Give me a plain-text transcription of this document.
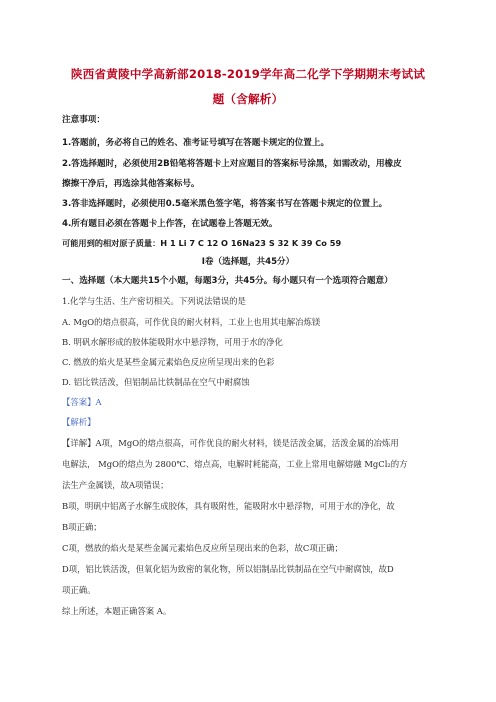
陕西省黄陵中学高新部2018-2019学年高二化学下学期期末考试试
题（含解析）
注意事项：
1.答题前，务必将自己的姓名、准考证号填写在答题卡规定的位置上。
2.答选择题时，必须使用2B铅笔将答题卡上对应题目的答案标号涂黑，如需改动，用橡皮
擦擦干净后，再选涂其他答案标号。
3.答非选择题时，必须使用0.5毫米黑色签字笔，将答案书写在答题卡规定的位置上。
4.所有题目必须在答题卡上作答，在试题卷上答题无效。
可能用到的相对原子质量：H 1 Li 7 C 12 O 16Na23 S 32 K 39 Co 59
Ⅰ卷（选择题，共45分）
一、选择题（本大题共15个小题，每题3分，共45分。每小题只有一个选项符合题意）
1.化学与生活、生产密切相关。下列说法错误的是
A. MgO的熔点很高，可作优良的耐火材料，工业上也用其电解冶炼镁
B. 明矾水解形成的胶体能吸附水中悬浮物，可用于水的净化
C. 燃放的焰火是某些金属元素焰色反应所呈现出来的色彩
D. 铝比铁活泼，但铝制品比铁制品在空气中耐腐蚀
【答案】A
【解析】
【详解】A项，MgO的熔点很高，可作优良的耐火材料，镁是活泼金属，活泼金属的冶炼用
电解法， MgO的熔点为 2800℃、熔点高，电解时耗能高，工业上常用电解熔融 MgCl₂的方
法生产金属镁，故A项错误；
B项，明矾中铝离子水解生成胶体，具有吸附性，能吸附水中悬浮物，可用于水的净化，故
B项正确；
C项，燃放的焰火是某些金属元素焰色反应所呈现出来的色彩，故C项正确；
D项，铝比铁活泼，但氧化铝为致密的氧化物，所以铝制品比铁制品在空气中耐腐蚀，故D
项正确。
综上所述，本题正确答案 A。
